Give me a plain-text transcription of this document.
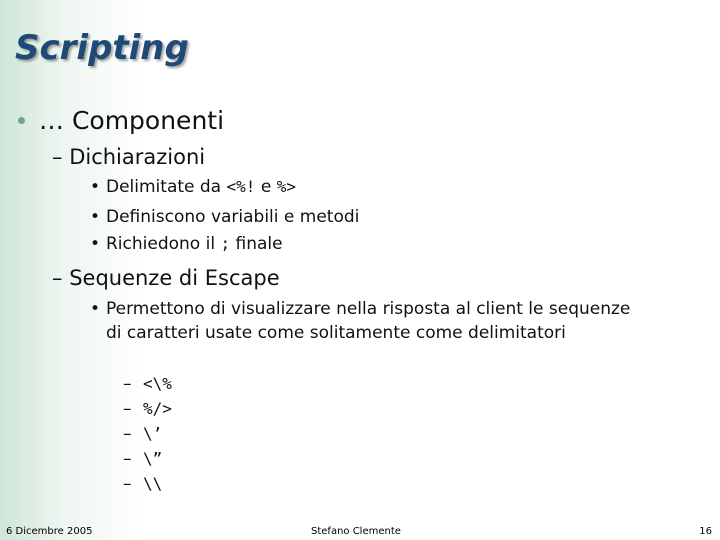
Scripting
… Componenti
– Dichiarazioni
• Delimitate da <%! e %>
• Definiscono variabili e metodi
• Richiedono il ; finale
– Sequenze di Escape
• Permettono di visualizzare nella risposta al client le sequenze di caratteri usate come solitamente come delimitatori
– <\%
– %/>
– \’
– \”
– \\
6 Dicembre 2005	Stefano Clemente	16
